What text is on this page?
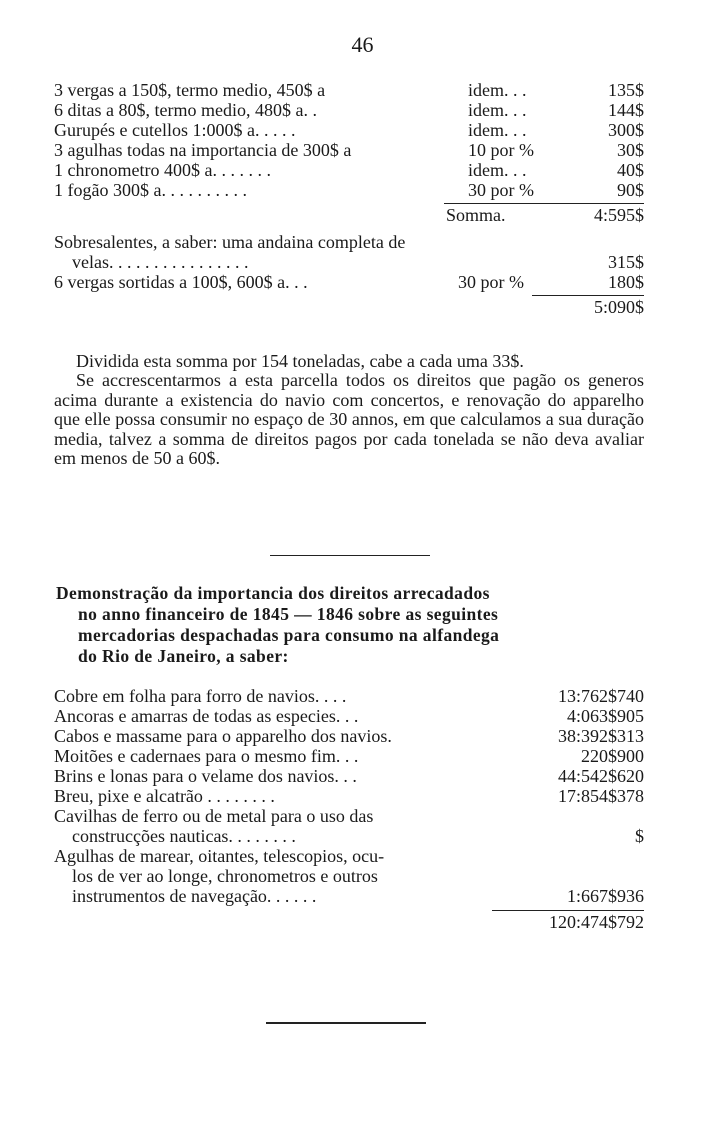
46
3 vergas a 150$, termo medio, 450$ a	idem. . .	135$
6 ditas a 80$, termo medio, 480$ a. .	idem. . .	144$
Gurupés e cutellos 1:000$ a. . . . .	idem. . .	300$
3 agulhas todas na importancia de 300$ a	10 por %	30$
1 chronometro 400$ a. . . . . . .	idem. . .	40$
1 fogão 300$ a. . . . . . . . . .	30 por %	90$
Somma.	4:595$
Sobresalentes, a saber: uma andaina completa de
velas. . . . . . . . . . . . . . . .	315$
6 vergas sortidas a 100$, 600$ a. . .	30 por %	180$
5:090$

Dividida esta somma por 154 toneladas, cabe a cada uma 33$.

Se accrescentarmos a esta parcella todos os direitos que pagão os generos acima durante a existencia do navio com concertos, e renovação do apparelho que elle possa consumir no espaço de 30 annos, em que calculamos a sua duração media, talvez a somma de direitos pagos por cada tonelada se não deva avaliar em menos de 50 a 60$.

Demonstração da importancia dos direitos arrecadados
no anno financeiro de 1845 — 1846 sobre as seguintes
mercadorias despachadas para consumo na alfandega
do Rio de Janeiro, a saber:
Cobre em folha para forro de navios. . . .	13:762$740
Ancoras e amarras de todas as especies. . .	4:063$905
Cabos e massame para o apparelho dos navios.	38:392$313
Moitões e cadernaes para o mesmo fim. . .	220$900
Brins e lonas para o velame dos navios. . .	44:542$620
Breu, pixe e alcatrão . . . . . . . .	17:854$378
Cavilhas de ferro ou de metal para o uso das
construcções nauticas. . . . . . . .	$
Agulhas de marear, oitantes, telescopios, ocu-
los de ver ao longe, chronometros e outros
instrumentos de navegação. . . . . .	1:667$936
120:474$792
